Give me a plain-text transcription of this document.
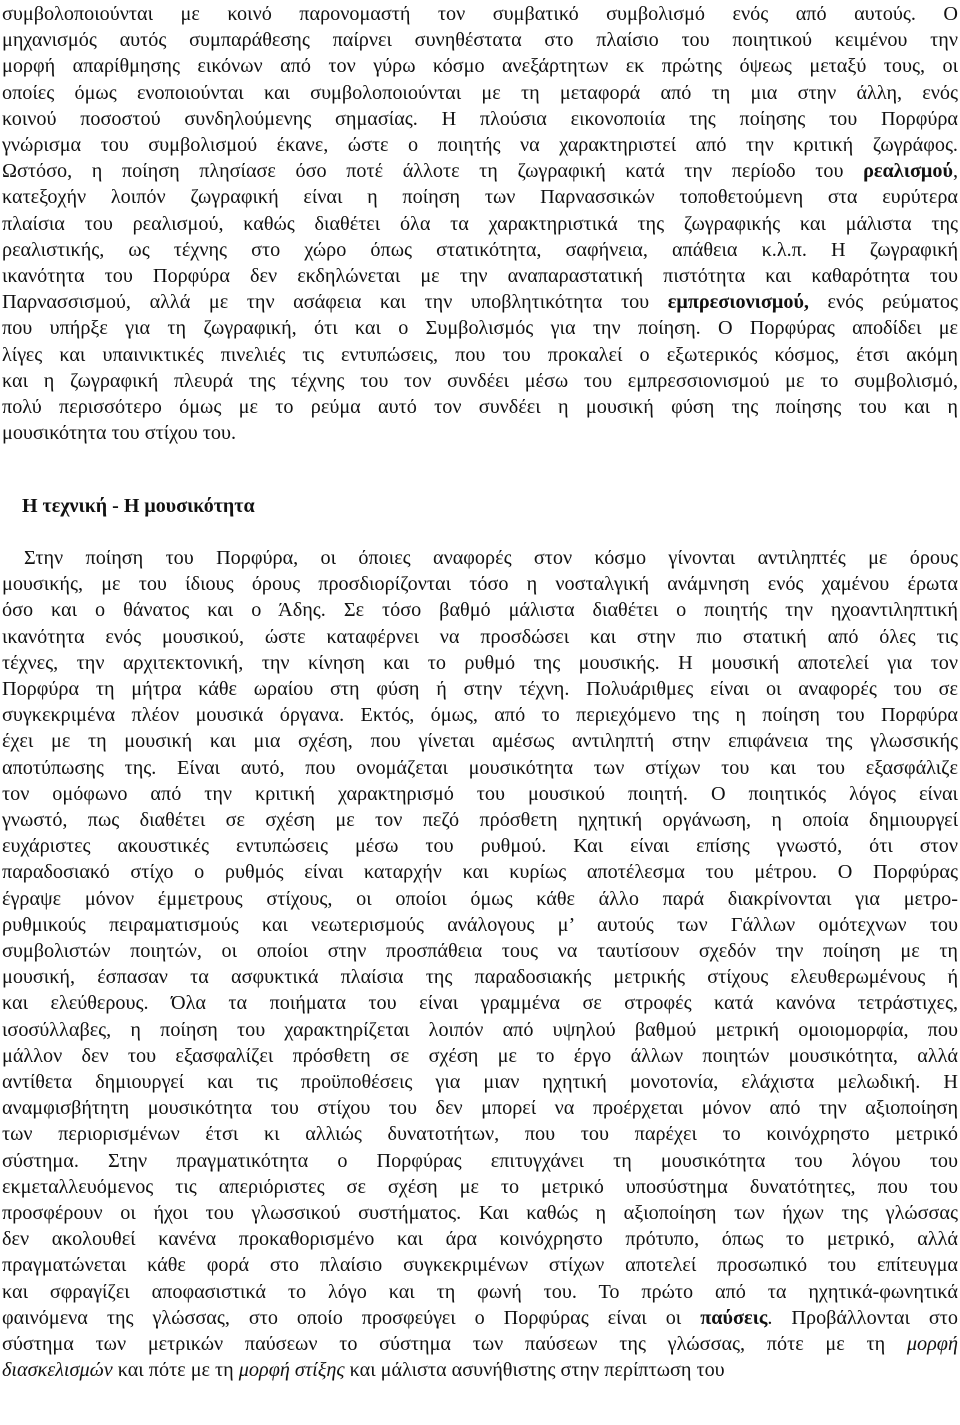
συμβολοποιούνται με κοινό παρονομαστή τον συμβατικό συμβολισμό ενός από αυτούς. Ο
μηχανισμός αυτός συμπαράθεσης παίρνει συνηθέστατα στο πλαίσιο του ποιητικού κειμένου την
μορφή απαρίθμησης εικόνων από τον γύρω κόσμο ανεξάρτητων εκ πρώτης όψεως μεταξύ τους, οι
οποίες όμως ενοποιούνται και συμβολοποιούνται με τη μεταφορά από τη μια στην άλλη, ενός
κοινού ποσοστού συνδηλούμενης σημασίας. Η πλούσια εικονοποιία της ποίησης του Πορφύρα
γνώρισμα του συμβολισμού έκανε, ώστε ο ποιητής να χαρακτηριστεί από την κριτική ζωγράφος.
Ωστόσο, η ποίηση πλησίασε όσο ποτέ άλλοτε τη ζωγραφική κατά την περίοδο του ρεαλισμού,
κατεξοχήν λοιπόν ζωγραφική είναι η ποίηση των Παρνασσικών τοποθετούμενη στα ευρύτερα
πλαίσια του ρεαλισμού, καθώς διαθέτει όλα τα χαρακτηριστικά της ζωγραφικής και μάλιστα της
ρεαλιστικής, ως τέχνης στο χώρο όπως στατικότητα, σαφήνεια, απάθεια κ.λ.π. Η ζωγραφική
ικανότητα του Πορφύρα δεν εκδηλώνεται με την αναπαραστατική πιστότητα και καθαρότητα του
Παρνασσισμού, αλλά με την ασάφεια και την υποβλητικότητα του εμπρεσιονισμού, ενός ρεύματος
που υπήρξε για τη ζωγραφική, ότι και ο Συμβολισμός για την ποίηση. Ο Πορφύρας αποδίδει με
λίγες και υπαινικτικές πινελιές τις εντυπώσεις, που του προκαλεί ο εξωτερικός κόσμος, έτσι ακόμη
και η ζωγραφική πλευρά της τέχνης του τον συνδέει μέσω του εμπρεσσιονισμού με το συμβολισμό,
πολύ περισσότερο όμως με το ρεύμα αυτό τον συνδέει η μουσική φύση της ποίησης του και η
μουσικότητα του στίχου του.
Η τεχνική - Η μουσικότητα
Στην ποίηση του Πορφύρα, οι όποιες αναφορές στον κόσμο γίνονται αντιληπτές με όρους
μουσικής, με του ίδιους όρους προσδιορίζονται τόσο η νοσταλγική ανάμνηση ενός χαμένου έρωτα
όσο και ο θάνατος και ο Άδης. Σε τόσο βαθμό μάλιστα διαθέτει ο ποιητής την ηχοαντιληπτική
ικανότητα ενός μουσικού, ώστε καταφέρνει να προσδώσει και στην πιο στατική από όλες τις
τέχνες, την αρχιτεκτονική, την κίνηση και το ρυθμό της μουσικής. Η μουσική αποτελεί για τον
Πορφύρα τη μήτρα κάθε ωραίου στη φύση ή στην τέχνη. Πολυάριθμες είναι οι αναφορές του σε
συγκεκριμένα πλέον μουσικά όργανα. Εκτός, όμως, από το περιεχόμενο της η ποίηση του Πορφύρα
έχει με τη μουσική και μια σχέση, που γίνεται αμέσως αντιληπτή στην επιφάνεια της γλωσσικής
αποτύπωσης της. Είναι αυτό, που ονομάζεται μουσικότητα των στίχων του και του εξασφάλιζε
τον ομόφωνο από την κριτική χαρακτηρισμό του μουσικού ποιητή. Ο ποιητικός λόγος είναι
γνωστό, πως διαθέτει σε σχέση με τον πεζό πρόσθετη ηχητική οργάνωση, η οποία δημιουργεί
ευχάριστες ακουστικές εντυπώσεις μέσω του ρυθμού. Και είναι επίσης γνωστό, ότι στον
παραδοσιακό στίχο ο ρυθμός είναι καταρχήν και κυρίως αποτέλεσμα του μέτρου. Ο Πορφύρας
έγραψε μόνον έμμετρους στίχους, οι οποίοι όμως κάθε άλλο παρά διακρίνονται για μετρο-
ρυθμικούς πειραματισμούς και νεωτερισμούς ανάλογους μ’ αυτούς των Γάλλων ομότεχνων του
συμβολιστών ποιητών, οι οποίοι στην προσπάθεια τους να ταυτίσουν σχεδόν την ποίηση με τη
μουσική, έσπασαν τα ασφυκτικά πλαίσια της παραδοσιακής μετρικής στίχους ελευθερωμένους ή
και ελεύθερους. Όλα τα ποιήματα του είναι γραμμένα σε στροφές κατά κανόνα τετράστιχες,
ισοσύλλαβες, η ποίηση του χαρακτηρίζεται λοιπόν από υψηλού βαθμού μετρική ομοιομορφία, που
μάλλον δεν του εξασφαλίζει πρόσθετη σε σχέση με το έργο άλλων ποιητών μουσικότητα, αλλά
αντίθετα δημιουργεί και τις προϋποθέσεις για μιαν ηχητική μονοτονία, ελάχιστα μελωδική. Η
αναμφισβήτητη μουσικότητα του στίχου του δεν μπορεί να προέρχεται μόνον από την αξιοποίηση
των περιορισμένων έτσι κι αλλιώς δυνατοτήτων, που του παρέχει το κοινόχρηστο μετρικό
σύστημα. Στην πραγματικότητα ο Πορφύρας επιτυγχάνει τη μουσικότητα του λόγου του
εκμεταλλευόμενος τις απεριόριστες σε σχέση με το μετρικό υποσύστημα δυνατότητες, που του
προσφέρουν οι ήχοι του γλωσσικού συστήματος. Και καθώς η αξιοποίηση των ήχων της γλώσσας
δεν ακολουθεί κανένα προκαθορισμένο και άρα κοινόχρηστο πρότυπο, όπως το μετρικό, αλλά
πραγματώνεται κάθε φορά στο πλαίσιο συγκεκριμένων στίχων αποτελεί προσωπικό του επίτευγμα
και σφραγίζει αποφασιστικά το λόγο και τη φωνή του. Το πρώτο από τα ηχητικά-φωνητικά
φαινόμενα της γλώσσας, στο οποίο προσφεύγει ο Πορφύρας είναι οι παύσεις. Προβάλλονται στο
σύστημα των μετρικών παύσεων το σύστημα των παύσεων της γλώσσας, πότε με τη μορφή
διασκελισμών και πότε με τη μορφή στίξης και μάλιστα ασυνήθιστης στην περίπτωση του
